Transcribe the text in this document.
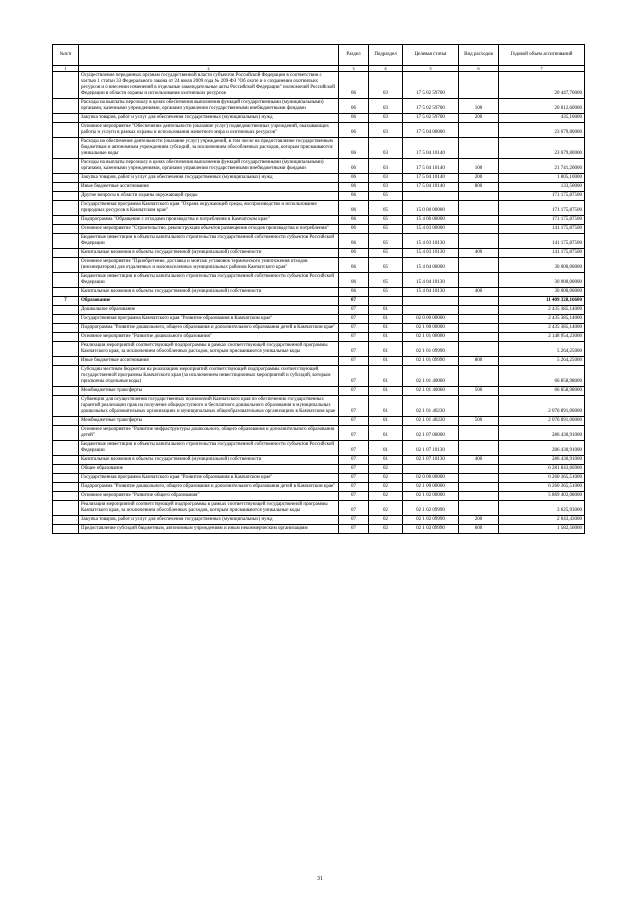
№п/п		Раздел	Подраздел	Целевая статья	Вид расходов	Годовой объем ассигнований
1	2	3	4	5	6	7
	Осуществление переданных органам государственной власти субъектов Российской Федерации в соответствии с частью 1 статьи 33 Федерального закона от 24 июля 2009 года № 209-ФЗ "Об охоте и о сохранении охотничьих ресурсов и о внесении изменений в отдельные законодательные акты Российской Федерации" полномочий Российской Федерации в области охраны и использования охотничьих ресурсов	06	03	17 5 02 59700		20 447,70000
	Расходы на выплаты персоналу в целях обеспечения выполнения функций государственными (муниципальными) органами, казенными учреждениями, органами управления государственными внебюджетными фондами	06	03	17 5 02 59700	100	20 012,60000
	Закупка товаров, работ и услуг для обеспечения государственных (муниципальных) нужд	06	03	17 5 02 59700	200	435,10000
	Основное мероприятие "Обеспечение деятельности (оказание услуг) подведомственных учреждений, оказывающих работы и услуги в рамках охраны и использования животного мира и охотничьих ресурсов"	06	03	17 5 04 00000		23 679,80000
	Расходы на обеспечение деятельности (оказание услуг) учреждений, в том числе на предоставление государственным бюджетным и автономным учреждениям субсидий, за исключением обособленных расходов, которым присваиваются уникальные коды	06	03	17 5 04 10140		23 679,80000
	Расходы на выплаты персоналу в целях обеспечения выполнения функций государственными (муниципальными) органами, казенными учреждениями, органами управления государственными внебюджетными фондами	06	03	17 5 04 10140	100	21 741,20000
	Закупка товаров, работ и услуг для обеспечения государственных (муниципальных) нужд	06	03	17 5 04 10140	200	1 805,10000
	Иные бюджетные ассигнования	06	03	17 5 04 10140	800	133,50000
	Другие вопросы в области охраны окружающей среды	06	05			171 175,87500
	Государственная программа Камчатского края "Охрана окружающей среды, воспроизводство и использование природных ресурсов в Камчатском крае"	06	05	15 0 00 00000		171 175,87500
	Подпрограмма "Обращение с отходами производства и потребления в Камчатском крае"	06	05	15 4 00 00000		171 175,87500
	Основное мероприятие "Строительство, реконструкция объектов размещения отходов производства и потребления"	06	05	15 4 03 00000		141 175,87500
	Бюджетные инвестиции в объекты капитального строительства государственной собственности субъектов Российской Федерации	06	05	15 4 03 10130		141 175,87500
	Капитальные вложения в объекты государственной (муниципальной) собственности	06	05	15 4 03 10130	400	141 175,87500
	Основное мероприятие "Приобретение, доставка и монтаж установок термического уничтожения отходов (инсинераторов) для отдаленных и малонаселенных муниципальных районов Камчатского края"	06	05	15 4 04 00000		30 000,00000
	Бюджетные инвестиции в объекты капитального строительства государственной собственности субъектов Российской Федерации	06	05	15 4 04 10130		30 000,00000
	Капитальные вложения в объекты государственной (муниципальной) собственности	06	05	15 4 04 10130	400	30 000,00000
7	Образование	07				11 409 328,16600
	Дошкольное образование	07	01			2 435 385,14000
	Государственная программа Камчатского края "Развитие образования в Камчатском крае"	07	01	02 0 00 00000		2 435 385,14000
	Подпрограмма "Развитие дошкольного, общего образования и дополнительного образования детей в Камчатском крае"	07	01	02 1 00 00000		2 435 385,14000
	Основное мероприятие "Развитие дошкольного образования"	07	01	02 1 01 00000		2 148 954,23000
	Реализация мероприятий соответствующей подпрограммы в рамках соответствующей государственной программы Камчатского края, за исключением обособленных расходов, которым присваиваются уникальные коды	07	01	02 1 01 09990		5 264,25000
	Иные бюджетные ассигнования	07	01	02 1 01 09990	800	5 264,25000
	Субсидии местным бюджетам на реализацию мероприятий соответствующей подпрограммы соответствующей государственной программы Камчатского края (за исключением инвестиционных мероприятий и субсидий, которым присвоены отдельные коды)	07	01	02 1 01 40060		66 858,98000
	Межбюджетные трансферты	07	01	02 1 01 40060	500	66 858,98000
	Субвенции для осуществления государственных полномочий Камчатского края по обеспечению государственных гарантий реализации прав на получение общедоступного и бесплатного дошкольного образования в муниципальных дошкольных образовательных организациях и муниципальных общеобразовательных организациях в Камчатском крае	07	01	02 1 01 40230		2 076 891,00000
	Межбюджетные трансферты	07	01	02 1 01 40230	500	2 076 891,00000
	Основное мероприятие "Развитие инфраструктуры дошкольного, общего образования и дополнительного образования детей"	07	01	02 1 07 00000		286 430,91000
	Бюджетные инвестиции в объекты капитального строительства государственной собственности субъектов Российской Федерации	07	01	02 1 07 10130		286 430,91000
	Капитальные вложения в объекты государственной (муниципальной) собственности	07	01	02 1 07 10130	400	286 430,91000
	Общее образование	07	02			6 281 843,66900
	Государственная программа Камчатского края "Развитие образования в Камчатском крае"	07	02	02 0 00 00000		6 260 365,51000
	Подпрограмма "Развитие дошкольного, общего образования и дополнительного образования детей в Камчатском крае"	07	02	02 1 00 00000		6 260 365,51000
	Основное мероприятие "Развитие общего образования"	07	02	02 1 02 00000		5 869 403,08000
	Реализация мероприятий соответствующей подпрограммы в рамках соответствующей государственной программы Камчатского края, за исключением обособленных расходов, которым присваиваются уникальные коды	07	02	02 1 02 09990		3 625,93000
	Закупка товаров, работ и услуг для обеспечения государственных (муниципальных) нужд	07	02	02 1 02 09990	200	2 043,43000
	Предоставление субсидий бюджетным, автономным учреждениям и иным некоммерческим организациям	07	02	02 1 02 09990	600	1 582,50000
31
